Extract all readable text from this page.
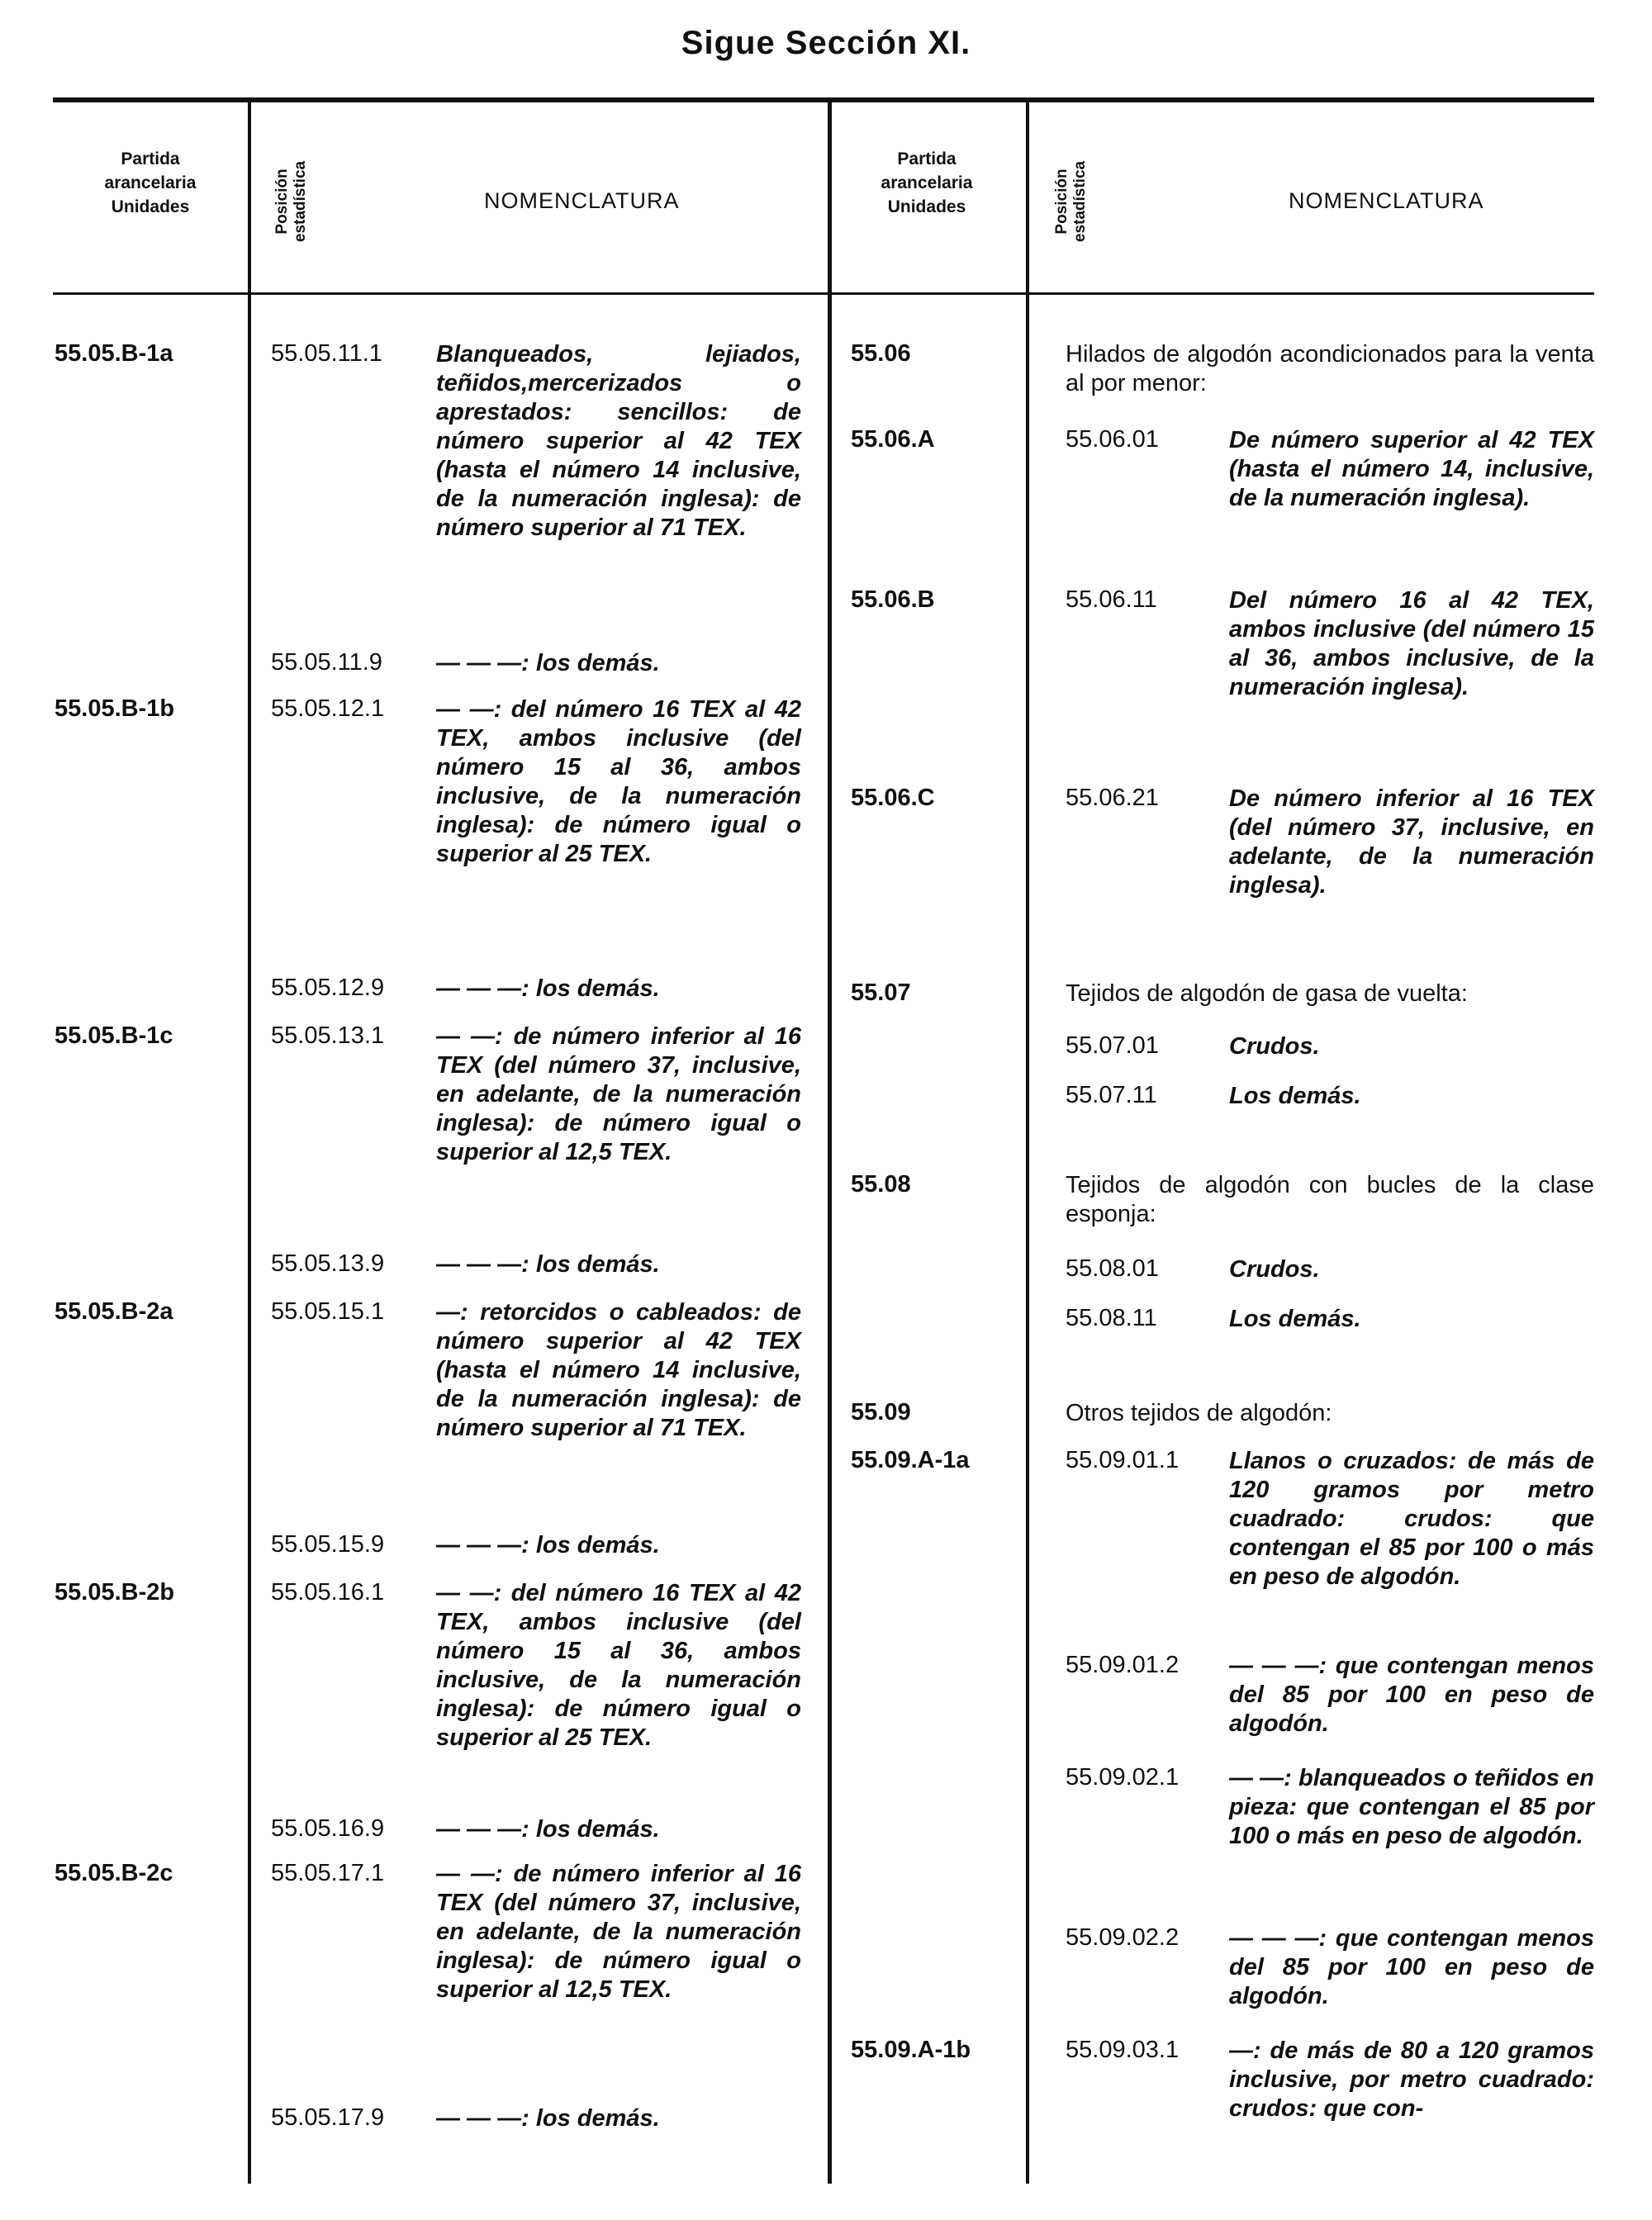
Sigue Sección XI.
Partida
arancelaria
Unidades	Posición estadística	NOMENCLATURA
Partida
arancelaria
Unidades	Posición estadística	NOMENCLATURA
55.05.B-1a	55.05.11.1 Blanqueados, lejiados, teñidos,mercerizados o aprestados: sencillos: de número superior al 42 TEX (hasta el número 14 inclusive, de la numeración inglesa): de número superior al 71 TEX.
55.05.11.9 — — —: los demás.
55.05.B-1b	55.05.12.1 — —: del número 16 TEX al 42 TEX, ambos inclusive (del número 15 al 36, ambos inclusive, de la numeración inglesa): de número igual o superior al 25 TEX.
55.05.12.9 — — —: los demás.
55.05.B-1c	55.05.13.1 — —: de número inferior al 16 TEX (del número 37, inclusive, en adelante, de la numeración inglesa): de número igual o superior al 12,5 TEX.
55.05.13.9 — — —: los demás.
55.05.B-2a	55.05.15.1 —: retorcidos o cableados: de número superior al 42 TEX (hasta el número 14 inclusive, de la numeración inglesa): de número superior al 71 TEX.
55.05.15.9 — — —: los demás.
55.05.B-2b	55.05.16.1 — —: del número 16 TEX al 42 TEX, ambos inclusive (del número 15 al 36, ambos inclusive, de la numeración inglesa): de número igual o superior al 25 TEX.
55.05.16.9 — — —: los demás.
55.05.B-2c	55.05.17.1 — —: de número inferior al 16 TEX (del número 37, inclusive, en adelante, de la numeración inglesa): de número igual o superior al 12,5 TEX.
55.05.17.9 — — —: los demás.
55.06	Hilados de algodón acondicionados para la venta al por menor:
55.06.A	55.06.01	De número superior al 42 TEX (hasta el número 14, inclusive, de la numeración inglesa).
55.06.B	55.06.11	Del número 16 al 42 TEX, ambos inclusive (del número 15 al 36, ambos inclusive, de la numeración inglesa).
55.06.C	55.06.21	De número inferior al 16 TEX (del número 37, inclusive, en adelante, de la numeración inglesa).
55.07	Tejidos de algodón de gasa de vuelta:
55.07.01	Crudos.
55.07.11	Los demás.
55.08	Tejidos de algodón con bucles de la clase esponja:
55.08.01	Crudos.
55.08.11	Los demás.
55.09	Otros tejidos de algodón:
55.09.A-1a	55.09.01.1 Llanos o cruzados: de más de 120 gramos por metro cuadrado: crudos: que contengan el 85 por 100 o más en peso de algodón.
55.09.01.2 — — —: que contengan menos del 85 por 100 en peso de algodón.
55.09.02.1 — —: blanqueados o teñidos en pieza: que contengan el 85 por 100 o más en peso de algodón.
55.09.02.2 — — —: que contengan menos del 85 por 100 en peso de algodón.
55.09.A-1b	55.09.03.1 —: de más de 80 a 120 gramos inclusive, por metro cuadrado: crudos: que con-
